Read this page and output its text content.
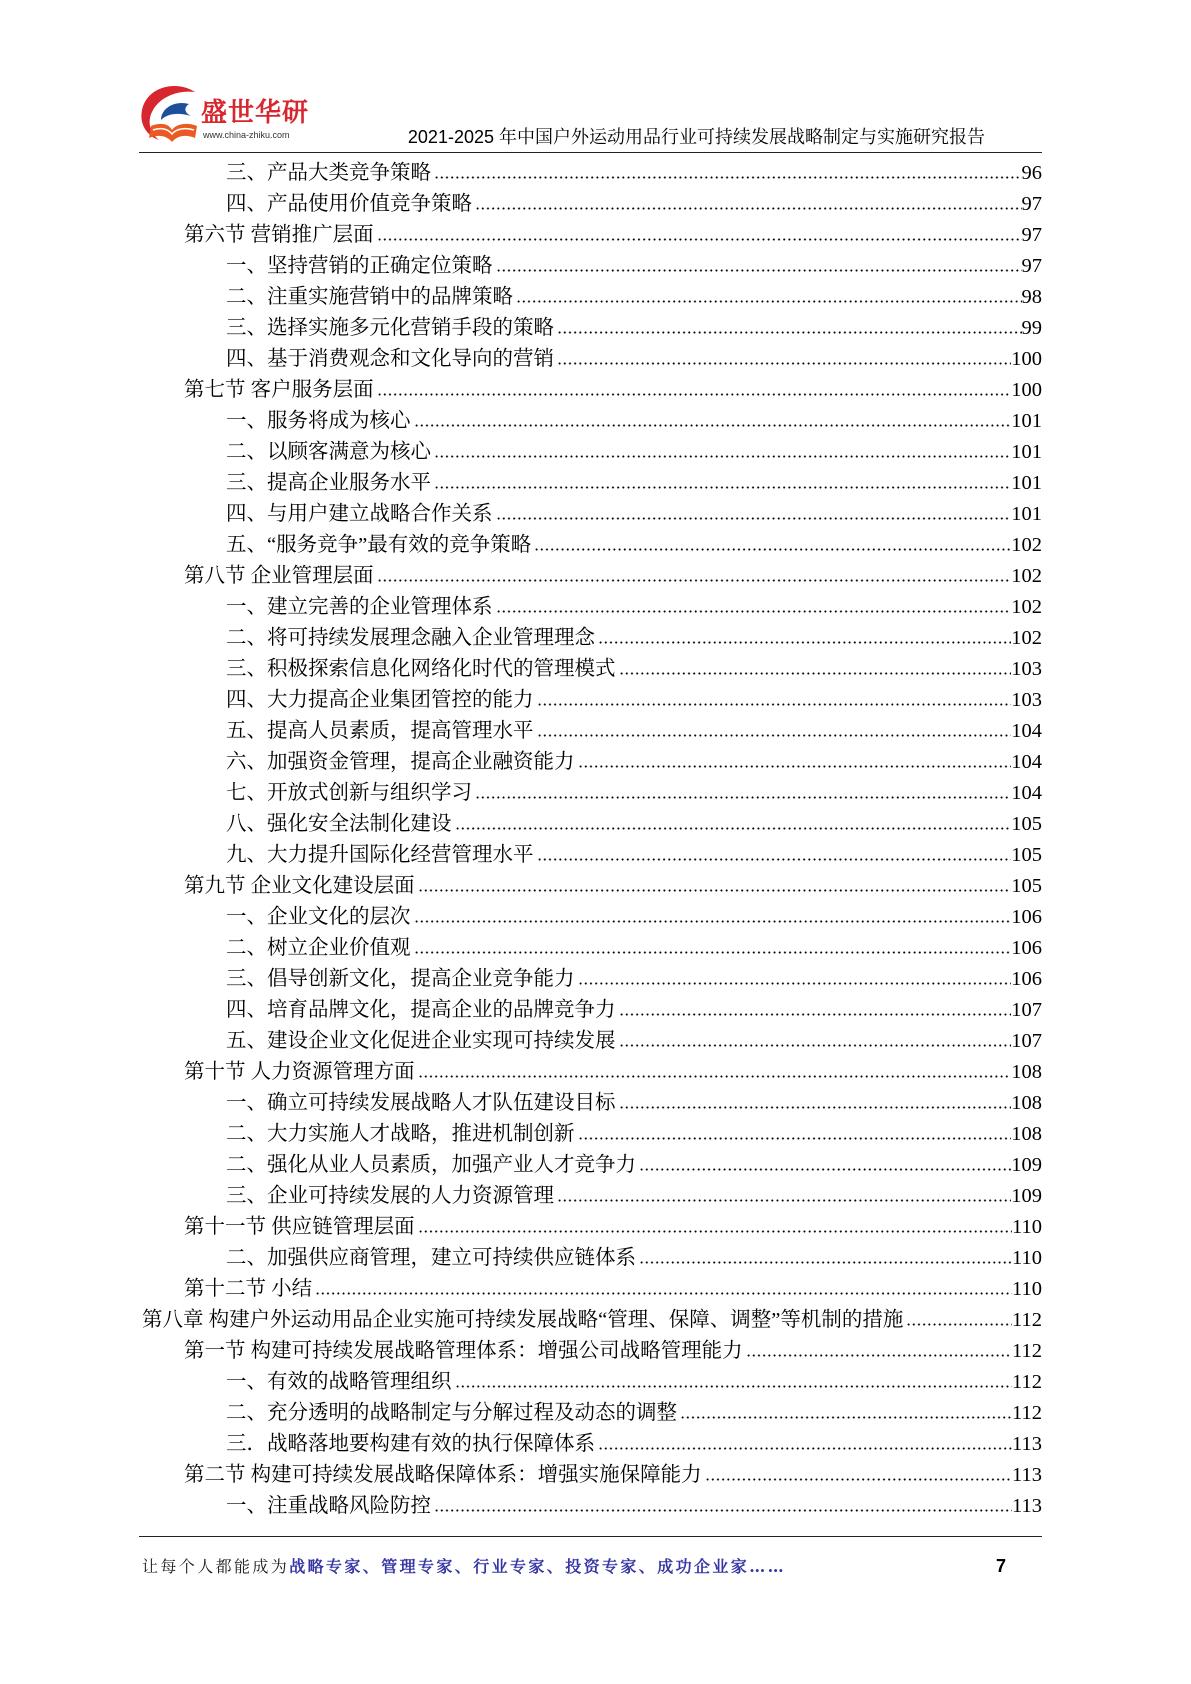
盛世华研
www.china-zhiku.com	2021-2025 年中国户外运动用品行业可持续发展战略制定与实施研究报告
三、产品大类竞争策略	96
四、产品使用价值竞争策略	97
第六节 营销推广层面	97
一、坚持营销的正确定位策略	97
二、注重实施营销中的品牌策略	98
三、选择实施多元化营销手段的策略	99
四、基于消费观念和文化导向的营销	100
第七节 客户服务层面	100
一、服务将成为核心	101
二、以顾客满意为核心	101
三、提高企业服务水平	101
四、与用户建立战略合作关系	101
五、“服务竞争”最有效的竞争策略	102
第八节 企业管理层面	102
一、建立完善的企业管理体系	102
二、将可持续发展理念融入企业管理理念	102
三、积极探索信息化网络化时代的管理模式	103
四、大力提高企业集团管控的能力	103
五、提高人员素质，提高管理水平	104
六、加强资金管理，提高企业融资能力	104
七、开放式创新与组织学习	104
八、强化安全法制化建设	105
九、大力提升国际化经营管理水平	105
第九节 企业文化建设层面	105
一、企业文化的层次	106
二、树立企业价值观	106
三、倡导创新文化，提高企业竞争能力	106
四、培育品牌文化，提高企业的品牌竞争力	107
五、建设企业文化促进企业实现可持续发展	107
第十节 人力资源管理方面	108
一、确立可持续发展战略人才队伍建设目标	108
二、大力实施人才战略，推进机制创新	108
二、强化从业人员素质，加强产业人才竞争力	109
三、企业可持续发展的人力资源管理	109
第十一节 供应链管理层面	110
二、加强供应商管理，建立可持续供应链体系	110
第十二节 小结	110
第八章 构建户外运动用品企业实施可持续发展战略“管理、保障、调整”等机制的措施	112
第一节 构建可持续发展战略管理体系：增强公司战略管理能力	112
一、有效的战略管理组织	112
二、充分透明的战略制定与分解过程及动态的调整	112
三．战略落地要构建有效的执行保障体系	113
第二节 构建可持续发展战略保障体系：增强实施保障能力	113
一、注重战略风险防控	113
让每个人都能成为战略专家、管理专家、行业专家、投资专家、成功企业家……	7
